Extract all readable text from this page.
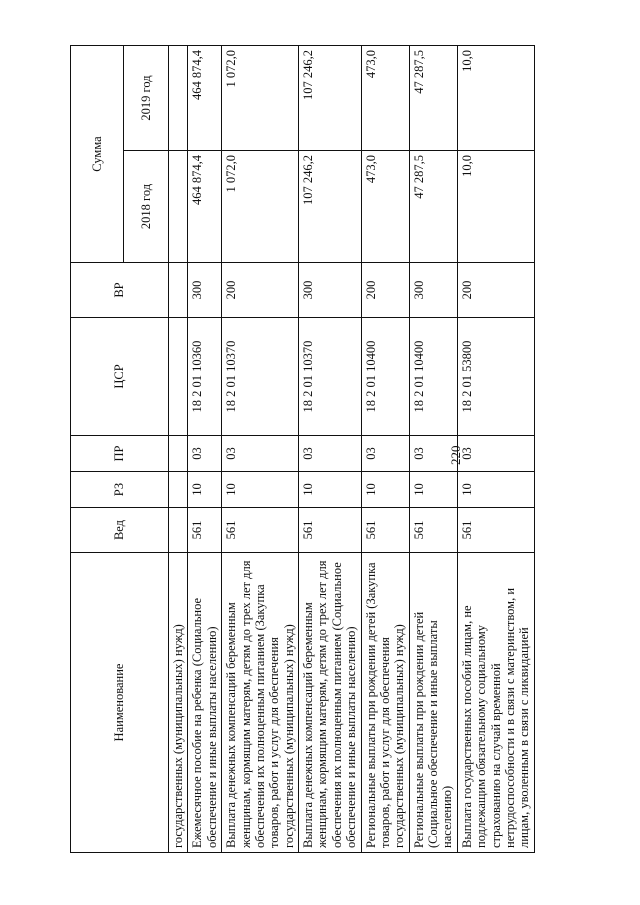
220
Наименование	Вед	РЗ	ПР	ЦСР	ВР	Сумма	
						2018 год	2019 год
государственных (муниципальных) нужд)							
Ежемесячное пособие на ребенка (Социальное обеспечение и иные выплаты населению)	561	10	03	18 2 01 10360	300	464 874,4	464 874,4
Выплата денежных компенсаций беременным женщинам, кормящим матерям, детям до трех лет для обеспечения их полноценным питанием (Закупка товаров, работ и услуг для обеспечения государственных (муниципальных) нужд)	561	10	03	18 2 01 10370	200	1 072,0	1 072,0
Выплата денежных компенсаций беременным женщинам, кормящим матерям, детям до трех лет для обеспечения их полноценным питанием (Социальное обеспечение и иные выплаты населению)	561	10	03	18 2 01 10370	300	107 246,2	107 246,2
Региональные выплаты при рождении детей (Закупка товаров, работ и услуг для обеспечения государственных (муниципальных) нужд)	561	10	03	18 2 01 10400	200	473,0	473,0
Региональные выплаты при рождении детей (Социальное обеспечение и иные выплаты населению)	561	10	03	18 2 01 10400	300	47 287,5	47 287,5
Выплата государственных пособий лицам, не подлежащим обязательному социальному страхованию на случай временной нетрудоспособности и в связи с материнством, и лицам, уволенным в связи с ликвидацией	561	10	03	18 2 01 53800	200	10,0	10,0
